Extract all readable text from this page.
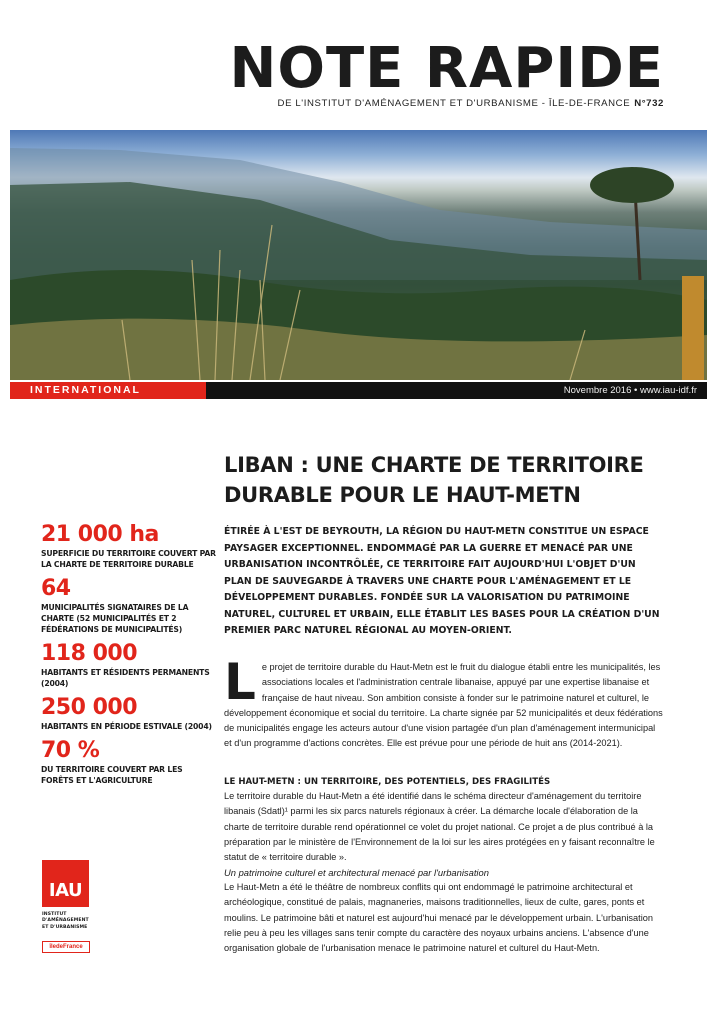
NOTE RAPIDE
DE L'INSTITUT D'AMÉNAGEMENT ET D'URBANISME - ÎLE-DE-FRANCE N°732
INTERNATIONAL	Novembre 2016 • www.iau-idf.fr
LIBAN : UNE CHARTE DE TERRITOIRE DURABLE POUR LE HAUT-METN
ÉTIRÉE À L'EST DE BEYROUTH, LA RÉGION DU HAUT-METN CONSTITUE UN ESPACE PAYSAGER EXCEPTIONNEL. ENDOMMAGÉ PAR LA GUERRE ET MENACÉ PAR UNE URBANISATION INCONTRÔLÉE, CE TERRITOIRE FAIT AUJOURD'HUI L'OBJET D'UN PLAN DE SAUVEGARDE À TRAVERS UNE CHARTE POUR L'AMÉNAGEMENT ET LE DÉVELOPPEMENT DURABLES. FONDÉE SUR LA VALORISATION DU PATRIMOINE NATUREL, CULTUREL ET URBAIN, ELLE ÉTABLIT LES BASES POUR LA CRÉATION D'UN PREMIER PARC NATUREL RÉGIONAL AU MOYEN-ORIENT.
21 000 ha
SUPERFICIE DU TERRITOIRE COUVERT PAR LA CHARTE DE TERRITOIRE DURABLE
64
MUNICIPALITÉS SIGNATAIRES DE LA CHARTE (52 MUNICIPALITÉS ET 2 FÉDÉRATIONS DE MUNICIPALITÉS)
118 000
HABITANTS ET RÉSIDENTS PERMANENTS (2004)
250 000
HABITANTS EN PÉRIODE ESTIVALE (2004)
70 %
DU TERRITOIRE COUVERT PAR LES FORÊTS ET L'AGRICULTURE
Le projet de territoire durable du Haut-Metn est le fruit du dialogue établi entre les municipalités, les associations locales et l'administration centrale libanaise, appuyé par une expertise libanaise et française de haut niveau. Son ambition consiste à fonder sur le patrimoine naturel et culturel, le développement économique et social du territoire. La charte signée par 52 municipalités et deux fédérations de municipalités engage les acteurs autour d'une vision partagée d'un plan d'aménagement intermunicipal et d'un programme d'actions concrètes. Elle est prévue pour une période de huit ans (2014-2021).
LE HAUT-METN : UN TERRITOIRE, DES POTENTIELS, DES FRAGILITÉS
Le territoire durable du Haut-Metn a été identifié dans le schéma directeur d'aménagement du territoire libanais (Sdatl)¹ parmi les six parcs naturels régionaux à créer. La démarche locale d'élaboration de la charte de territoire durable rend opérationnel ce volet du projet national. Ce projet a de plus contribué à la préparation par le ministère de l'Environnement de la loi sur les aires protégées en y faisant reconnaître le statut de « territoire durable ».
Un patrimoine culturel et architectural menacé par l'urbanisation
Le Haut-Metn a été le théâtre de nombreux conflits qui ont endommagé le patrimoine architectural et archéologique, constitué de palais, magnaneries, maisons traditionnelles, lieux de culte, gares, ponts et moulins. Le patrimoine bâti et naturel est aujourd'hui menacé par le développement urbain. L'urbanisation relie peu à peu les villages sans tenir compte du caractère des noyaux urbains anciens. L'absence d'une organisation globale de l'urbanisation menace le patrimoine naturel et culturel du Haut-Metn.
IAU
INSTITUT
D'AMÉNAGEMENT
ET D'URBANISME
îledeFrance
